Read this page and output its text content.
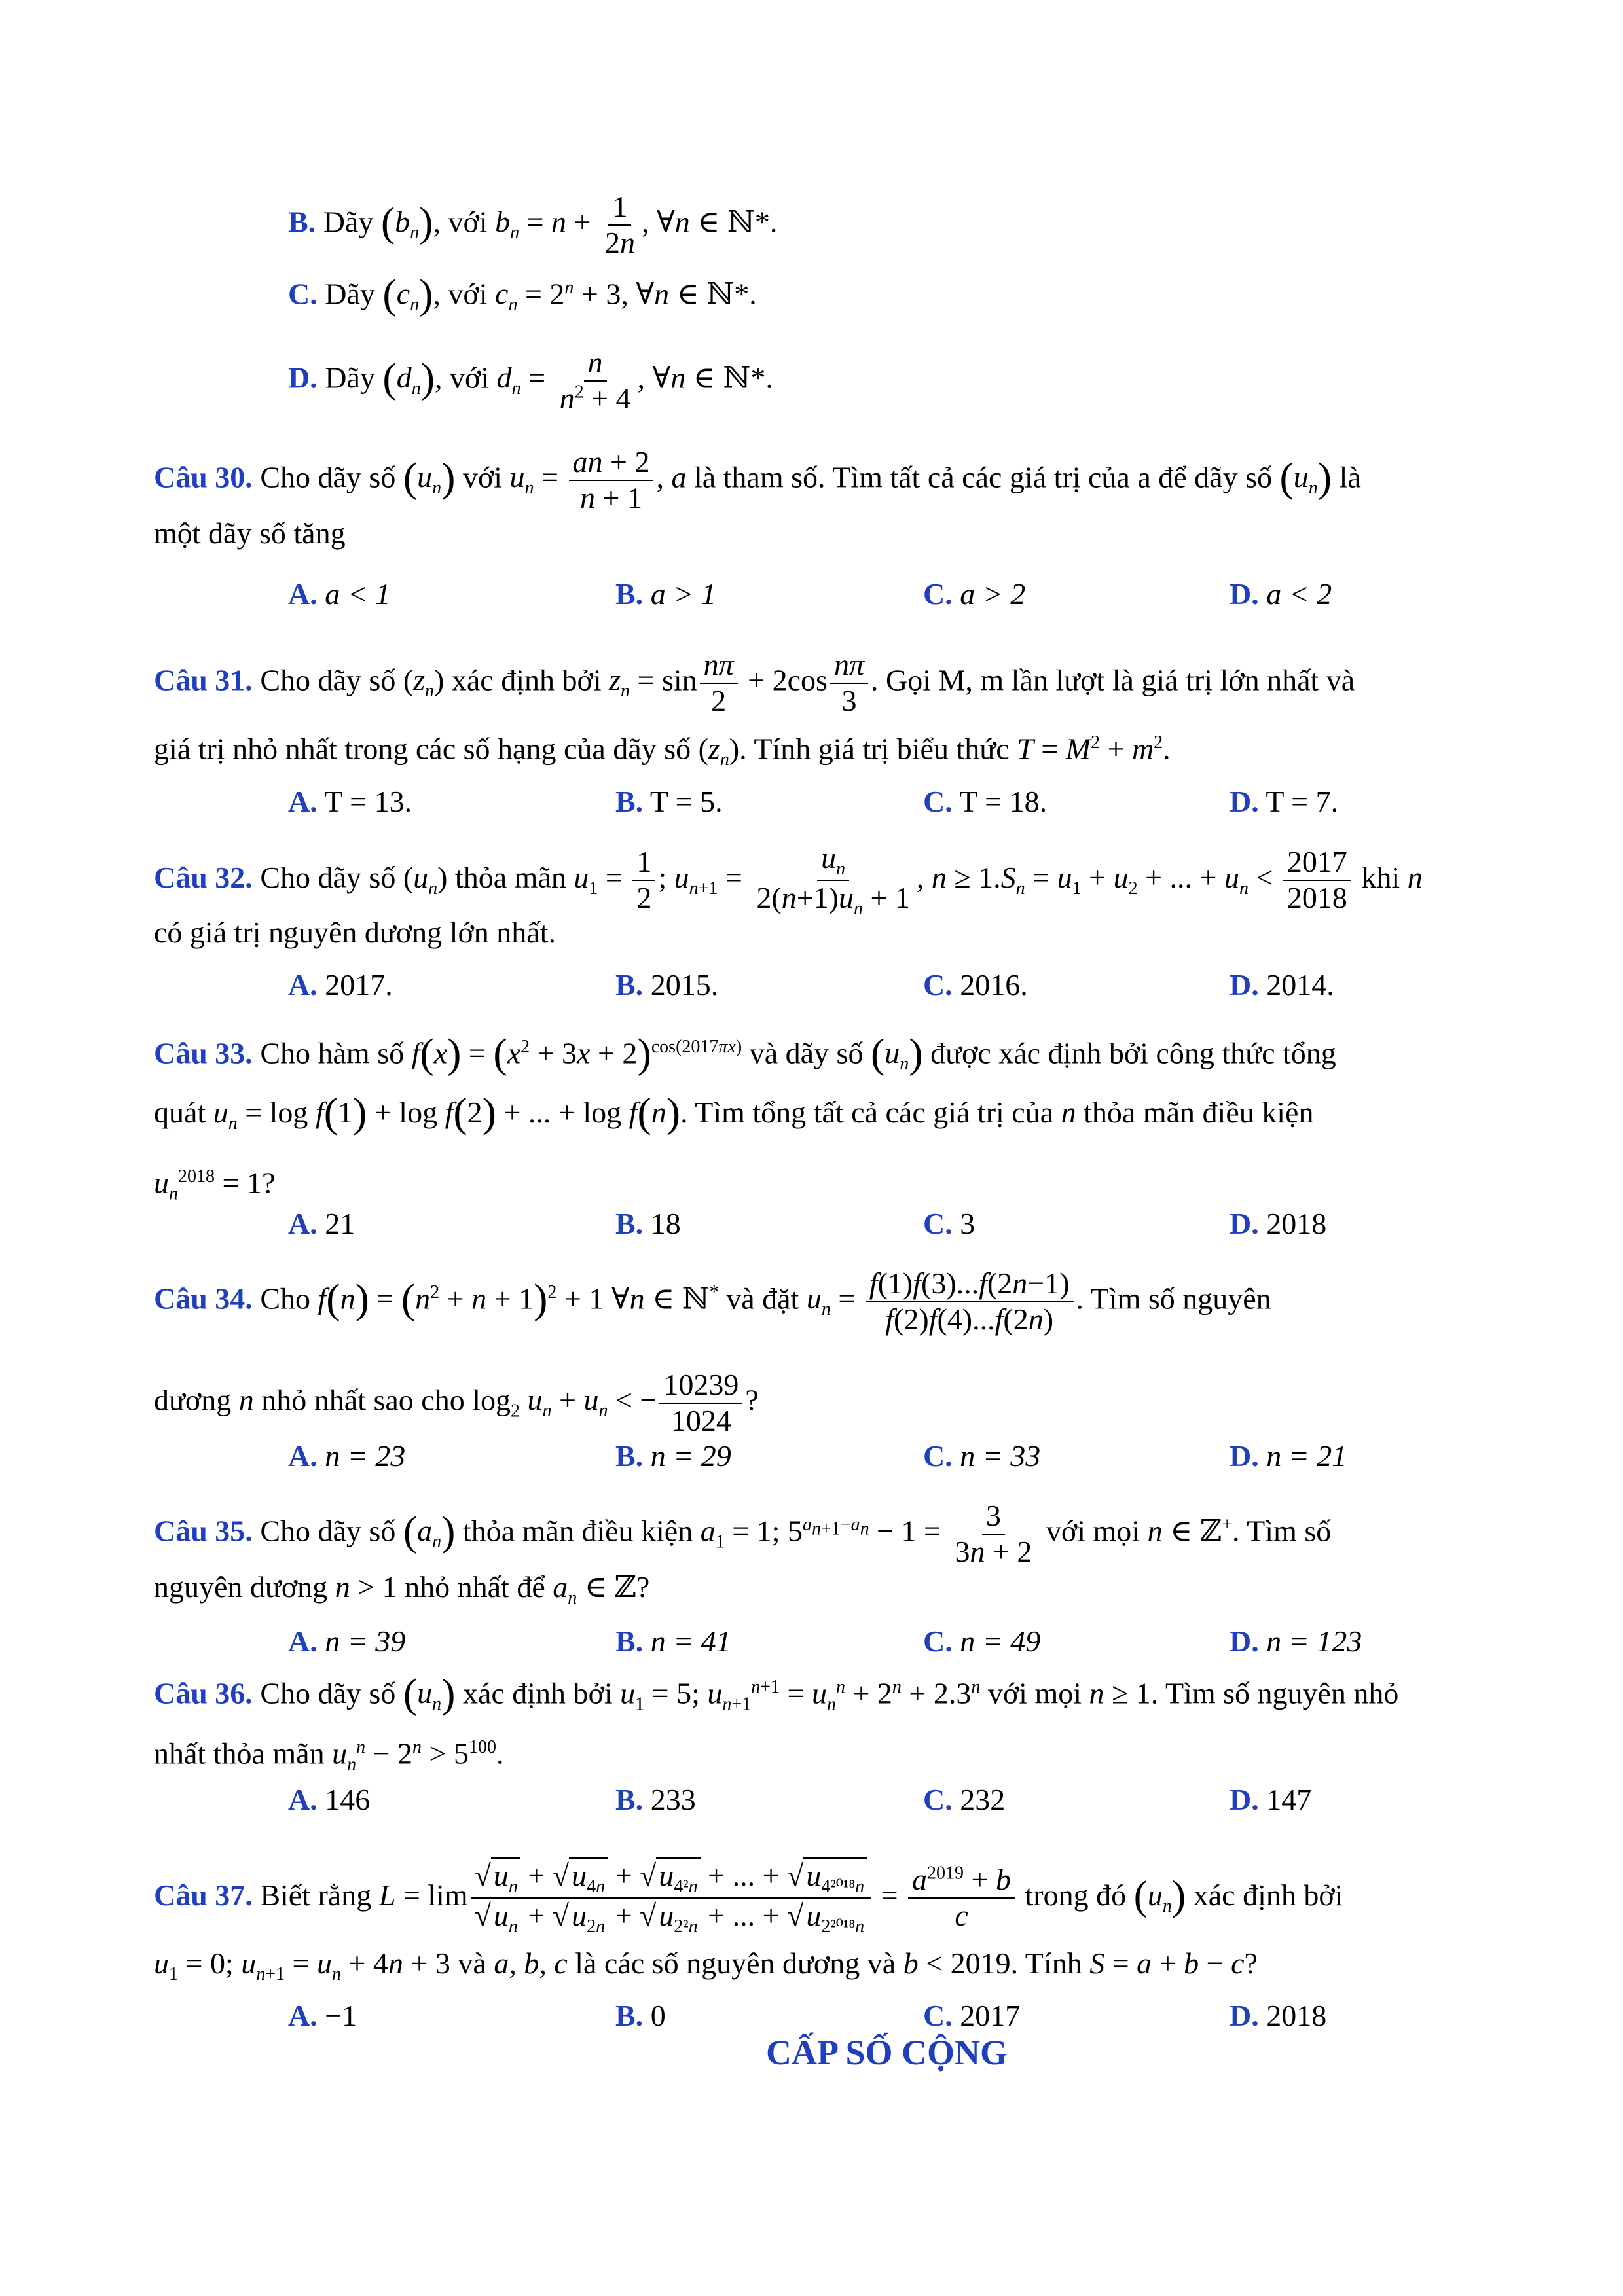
B. Dãy $(b_n)$, với $b_n = n + \frac{1}{2n}$ , ∀n ∈ ℕ*.
C. Dãy $(c_n)$, với $c_n = 2^n + 3$, ∀n ∈ ℕ*.
D. Dãy $(d_n)$, với $d_n = \frac{n}{n^2 + 4}$ , ∀n ∈ ℕ*.
Câu 30. Cho dãy số $(u_n)$ với $u_n = \frac{an + 2}{n + 1}$ , a là tham số. Tìm tất cả các giá trị của a để dãy số $(u_n)$ là
một dãy số tăng
A. a < 1	B. a > 1	C. a > 2	D. a < 2
Câu 31. Cho dãy số $(z_n)$ xác định bởi $z_n = \sin \frac{n\pi}{2} + 2\cos \frac{n\pi}{3}$ . Gọi M, m lần lượt là giá trị lớn nhất và
giá trị nhỏ nhất trong các số hạng của dãy số $(z_n)$. Tính giá trị biểu thức $T = M^2 + m^2$.
A. T = 13.	B. T = 5.	C. T = 18.	D. T = 7.
Câu 32. Cho dãy số $(u_n)$ thỏa mãn $u_1 = \frac{1}{2}$ ; $u_{n+1} = \frac{u_n}{2(n+1)u_n + 1}$ , $n \ge 1.S_n = u_1 + u_2$ + ... + $u_n < \frac{2017}{2018}$ khi n
có giá trị nguyên dương lớn nhất.
A. 2017.	B. 2015.	C. 2016.	D. 2014.
Câu 33. Cho hàm số $f(x) = (x^2 + 3x + 2)^{cos(2017\pi x)}$ và dãy số $(u_n)$ được xác định bởi công thức tổng
quát $u_n = \log f(1) + \log f(2)$ + ... + log f(n). Tìm tổng tất cả các giá trị của n thỏa mãn điều kiện
$u_n^{2018} = 1$?
A. 21	B. 18	C. 3	D. 2018
Câu 34. Cho $f(n) = (n^2 + n + 1)^2 + 1$ ∀n ∈ ℕ* và đặt $u_n = \frac{f(1)f(3)...f(2n-1)}{f(2)f(4)...f(2n)}$ . Tìm số nguyên
dương n nhỏ nhất sao cho $\log_2 u_n + u_n$ < − $\frac{10239}{1024}$ ?
A. n = 23	B. n = 29	C. n = 33	D. n = 21
Câu 35. Cho dãy số $(a_n)$ thỏa mãn điều kiện $a_1 = 1$; $5^{a_{n+1}-a_n} - 1 = \frac{3}{3n + 2}$ với mọi n ∈ ℤ+. Tìm số
nguyên dương n > 1 nhỏ nhất để $a_n$ ∈ ℤ?
A. n = 39	B. n = 41	C. n = 49	D. n = 123
Câu 36. Cho dãy số $(u_n)$ xác định bởi $u_1 = 5$; $u_{n+1}^{n+1} = u_n^n + 2^n + 2.3^n$ với mọi n ≥ 1. Tìm số nguyên nhỏ
nhất thỏa mãn $u_n^n - 2^n > 5^{100}$.
A. 146	B. 233	C. 232	D. 147
Câu 37. Biết rằng $L = \lim \frac{√u_n + √u_{4n} + √u_{4^2n} + ... + √u_{4^{2018}n}}{√u_n + √u_{2n} + √u_{2^2n} + ... + √u_{2^{2018}n}} = \frac{a^{2019} + b}{c}$ trong đó $(u_n)$ xác định bởi
$u_1 = 0$; $u_{n+1} = u_n + 4n + 3$ và a, b, c là các số nguyên dương và b < 2019. Tính S = a + b − c?
A. −1	B. 0	C. 2017	D. 2018
CẤP SỐ CỘNG
